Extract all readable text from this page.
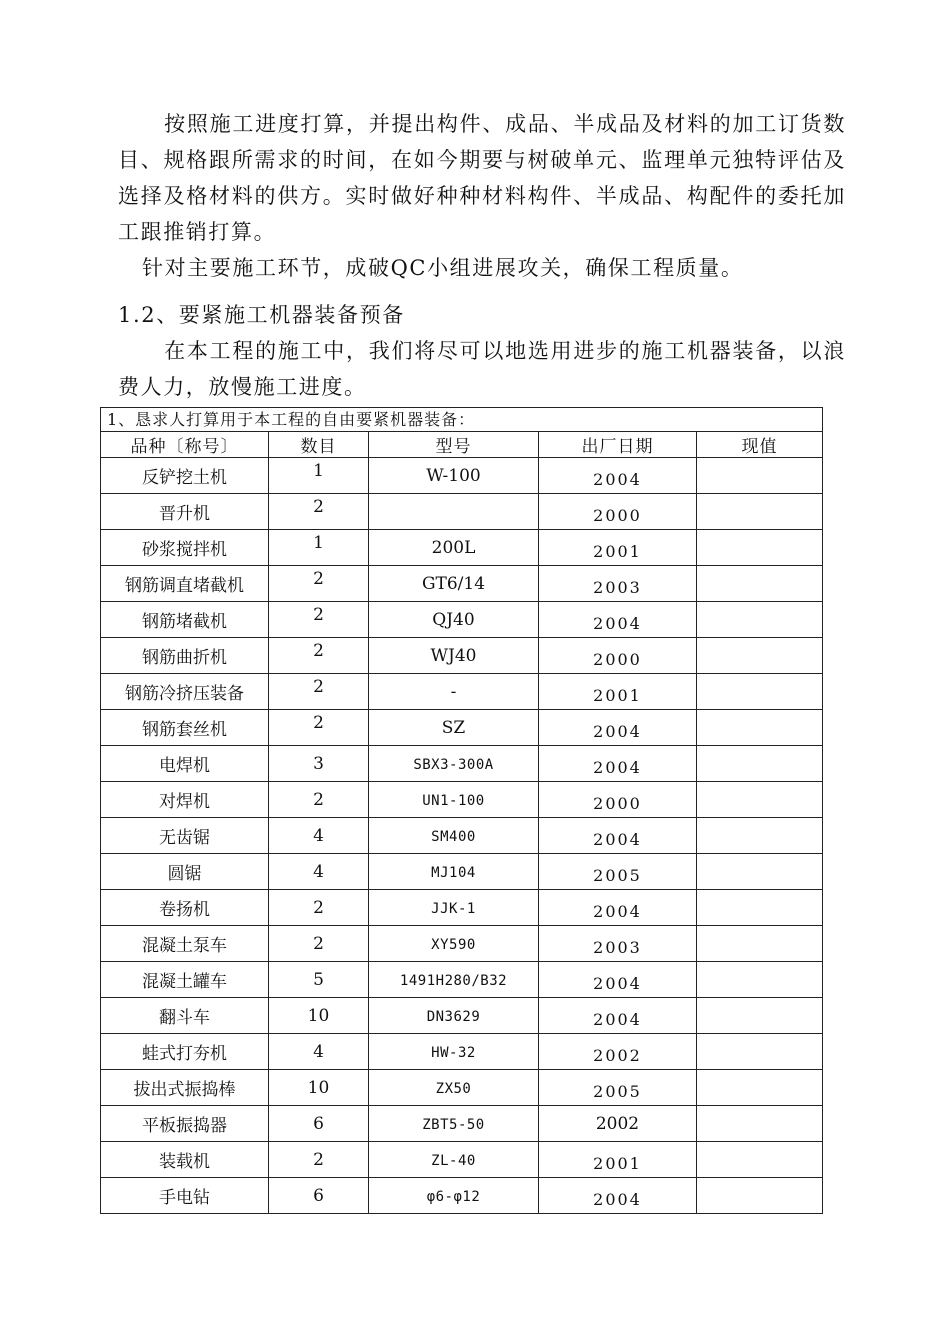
按照施工进度打算，并提出构件、成品、半成品及材料的加工订货数目、规格跟所需求的时间，在如今期要与树破单元、监理单元独特评估及选择及格材料的供方。实时做好种种材料构件、半成品、构配件的委托加工跟推销打算。
针对主要施工环节，成破QC小组进展攻关，确保工程质量。
1.2、要紧施工机器装备预备
在本工程的施工中，我们将尽可以地选用进步的施工机器装备，以浪费人力，放慢施工进度。
1、恳求人打算用于本工程的自由要紧机器装备：				
品种〔称号〕	数目	型号	出厂日期	现值
反铲挖土机	1	W-100	2004	
晋升机	2		2000	
砂浆搅拌机	1	200L	2001	
钢筋调直堵截机	2	GT6/14	2003	
钢筋堵截机	2	QJ40	2004	
钢筋曲折机	2	WJ40	2000	
钢筋冷挤压装备	2	-	2001	
钢筋套丝机	2	SZ	2004	
电焊机	3	SBX3-300A	2004	
对焊机	2	UN1-100	2000	
无齿锯	4	SM400	2004	
圆锯	4	MJ104	2005	
卷扬机	2	JJK-1	2004	
混凝土泵车	2	XY590	2003	
混凝土罐车	5	1491H280/B32	2004	
翻斗车	10	DN3629	2004	
蛙式打夯机	4	HW-32	2002	
拔出式振捣棒	10	ZX50	2005	
平板振捣器	6	ZBT5-50	2002	
装载机	2	ZL-40	2001	
手电钻	6	φ6-φ12	2004	
